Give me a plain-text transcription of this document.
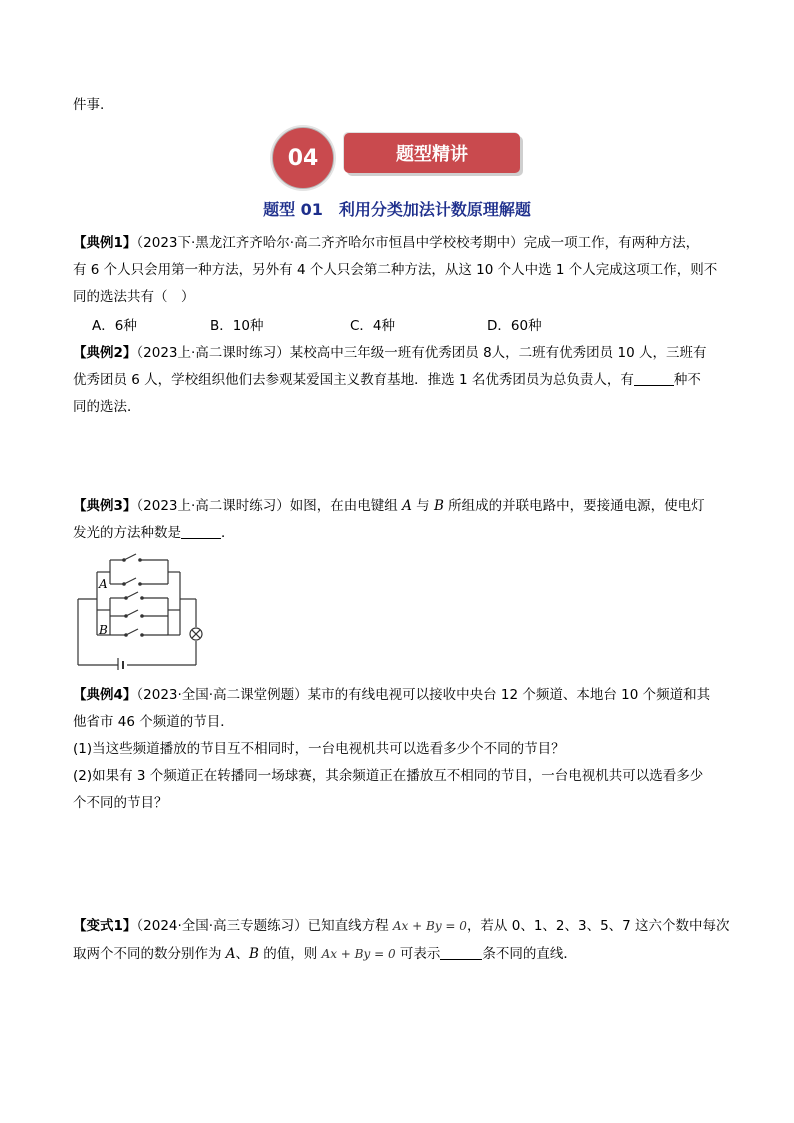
件事.
04	题型精讲
题型 01　利用分类加法计数原理解题
【典例1】（2023下·黑龙江齐齐哈尔·高二齐齐哈尔市恒昌中学校校考期中）完成一项工作，有两种方法，
有 6 个人只会用第一种方法，另外有 4 个人只会第二种方法，从这 10 个人中选 1 个人完成这项工作，则不
同的选法共有（　）
A．6种	B．10种	C．4种	D．60种
【典例2】（2023上·高二课时练习）某校高中三年级一班有优秀团员 8人，二班有优秀团员 10 人，三班有
优秀团员 6 人，学校组织他们去参观某爱国主义教育基地．推选 1 名优秀团员为总负责人，有	种不
同的选法．
【典例3】（2023上·高二课时练习）如图，在由电键组 A 与 B 所组成的并联电路中，要接通电源，使电灯
发光的方法种数是	．
A
B
【典例4】（2023·全国·高二课堂例题）某市的有线电视可以接收中央台 12 个频道、本地台 10 个频道和其
他省市 46 个频道的节目．
(1)当这些频道播放的节目互不相同时，一台电视机共可以选看多少个不同的节目？
(2)如果有 3 个频道正在转播同一场球赛，其余频道正在播放互不相同的节目，一台电视机共可以选看多少
个不同的节目？
【变式1】（2024·全国·高三专题练习）已知直线方程 Ax + By = 0，若从 0、1、2、3、5、7 这六个数中每次
取两个不同的数分别作为 A、B 的值，则 Ax + By = 0 可表示	条不同的直线．
